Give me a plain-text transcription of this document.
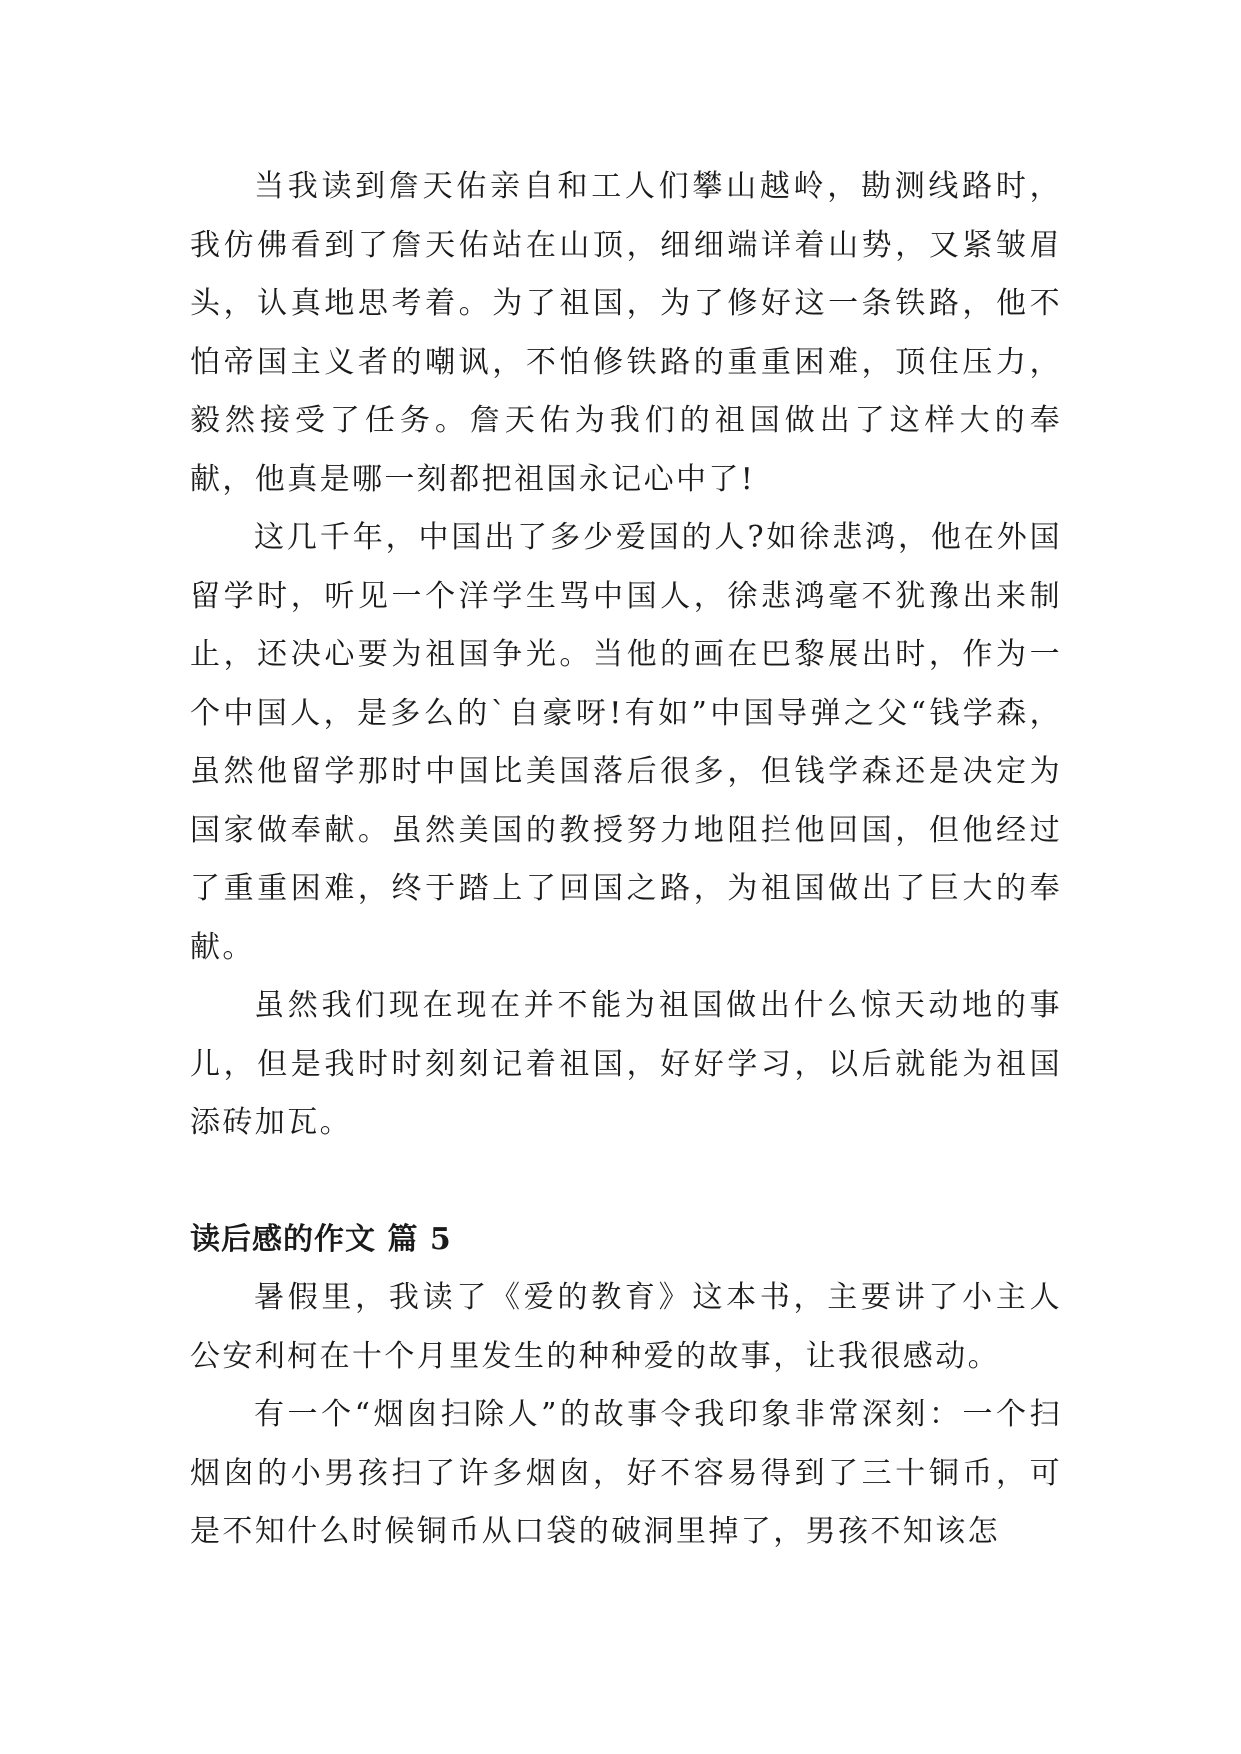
当我读到詹天佑亲自和工人们攀山越岭，勘测线路时，我仿佛看到了詹天佑站在山顶，细细端详着山势，又紧皱眉头，认真地思考着。为了祖国，为了修好这一条铁路，他不怕帝国主义者的嘲讽，不怕修铁路的重重困难，顶住压力，毅然接受了任务。詹天佑为我们的祖国做出了这样大的奉献，他真是哪一刻都把祖国永记心中了!

这几千年，中国出了多少爱国的人?如徐悲鸿，他在外国留学时，听见一个洋学生骂中国人，徐悲鸿毫不犹豫出来制止，还决心要为祖国争光。当他的画在巴黎展出时，作为一个中国人，是多么的`自豪呀!有如”中国导弹之父“钱学森，虽然他留学那时中国比美国落后很多，但钱学森还是决定为国家做奉献。虽然美国的教授努力地阻拦他回国，但他经过了重重困难，终于踏上了回国之路，为祖国做出了巨大的奉献。

虽然我们现在现在并不能为祖国做出什么惊天动地的事儿，但是我时时刻刻记着祖国，好好学习，以后就能为祖国添砖加瓦。

读后感的作文 篇 5

暑假里，我读了《爱的教育》这本书，主要讲了小主人公安利柯在十个月里发生的种种爱的故事，让我很感动。

有一个“烟囱扫除人”的故事令我印象非常深刻：一个扫烟囱的小男孩扫了许多烟囱，好不容易得到了三十铜币，可是不知什么时候铜币从口袋的破洞里掉了，男孩不知该怎
